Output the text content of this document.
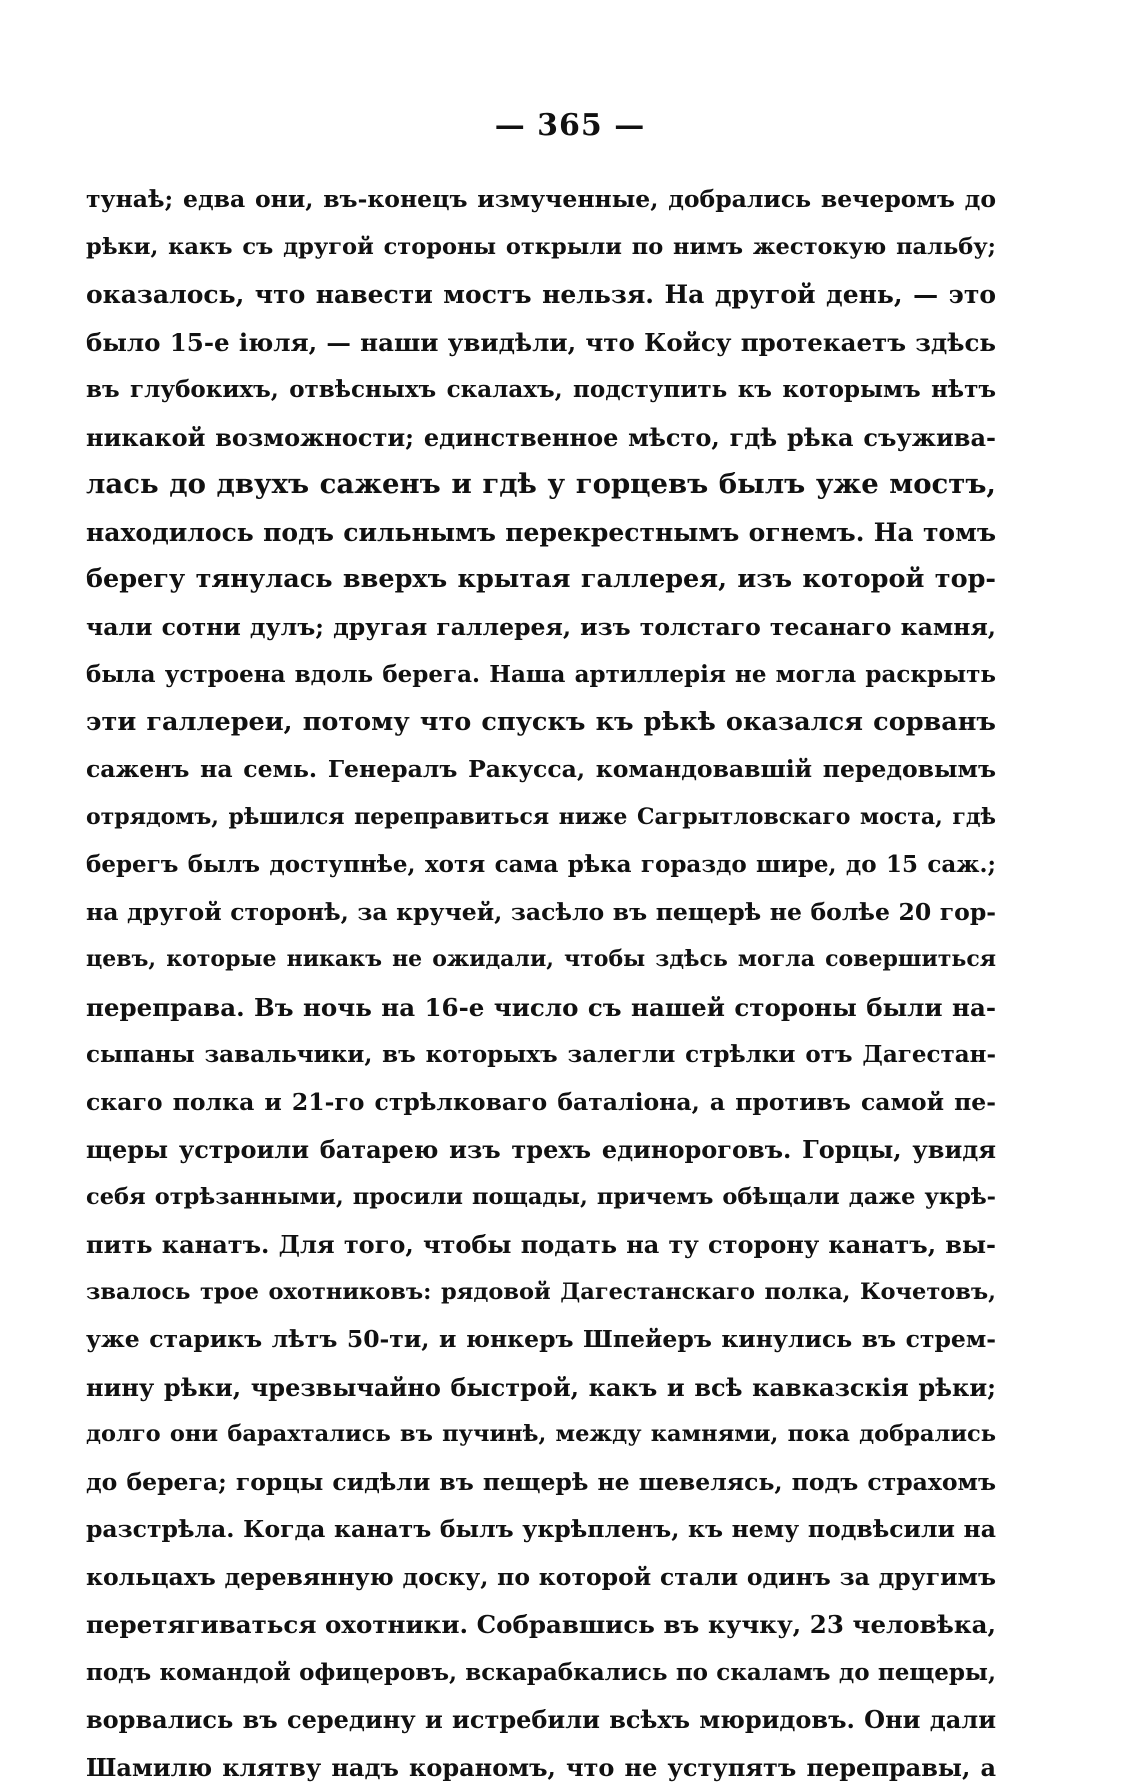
— 365 —
тунаѣ; едва они, въ-конецъ измученные, добрались вечеромъ до
рѣки, какъ съ другой стороны открыли по нимъ жестокую пальбу;
оказалось, что навести мостъ нельзя. На другой день, — это
было 15-е іюля, — наши увидѣли, что Койсу протекаетъ здѣсь
въ глубокихъ, отвѣсныхъ скалахъ, подступить къ которымъ нѣтъ
никакой возможности; единственное мѣсто, гдѣ рѣка съужива-
лась до двухъ саженъ и гдѣ у горцевъ былъ уже мостъ,
находилось подъ сильнымъ перекрестнымъ огнемъ. На томъ
берегу тянулась вверхъ крытая галлерея, изъ которой тор-
чали сотни дулъ; другая галлерея, изъ толстаго тесанаго камня,
была устроена вдоль берега. Наша артиллерія не могла раскрыть
эти галлереи, потому что спускъ къ рѣкѣ оказался сорванъ
саженъ на семь. Генералъ Ракусса, командовавшій передовымъ
отрядомъ, рѣшился переправиться ниже Сагрытловскаго моста, гдѣ
берегъ былъ доступнѣе, хотя сама рѣка гораздо шире, до 15 саж.;
на другой сторонѣ, за кручей, засѣло въ пещерѣ не болѣе 20 гор-
цевъ, которые никакъ не ожидали, чтобы здѣсь могла совершиться
переправа. Въ ночь на 16-е число съ нашей стороны были на-
сыпаны завальчики, въ которыхъ залегли стрѣлки отъ Дагестан-
скаго полка и 21-го стрѣлковаго баталіона, а противъ самой пе-
щеры устроили батарею изъ трехъ единороговъ. Горцы, увидя
себя отрѣзанными, просили пощады, причемъ обѣщали даже укрѣ-
пить канатъ. Для того, чтобы подать на ту сторону канатъ, вы-
звалось трое охотниковъ: рядовой Дагестанскаго полка, Кочетовъ,
уже старикъ лѣтъ 50-ти, и юнкеръ Шпейеръ кинулись въ стрем-
нину рѣки, чрезвычайно быстрой, какъ и всѣ кавказскія рѣки;
долго они барахтались въ пучинѣ, между камнями, пока добрались
до берега; горцы сидѣли въ пещерѣ не шевелясь, подъ страхомъ
разстрѣла. Когда канатъ былъ укрѣпленъ, къ нему подвѣсили на
кольцахъ деревянную доску, по которой стали одинъ за другимъ
перетягиваться охотники. Собравшись въ кучку, 23 человѣка,
подъ командой офицеровъ, вскарабкались по скаламъ до пещеры,
ворвались въ середину и истребили всѣхъ мюридовъ. Они дали
Шамилю клятву надъ кораномъ, что не уступятъ переправы, а
